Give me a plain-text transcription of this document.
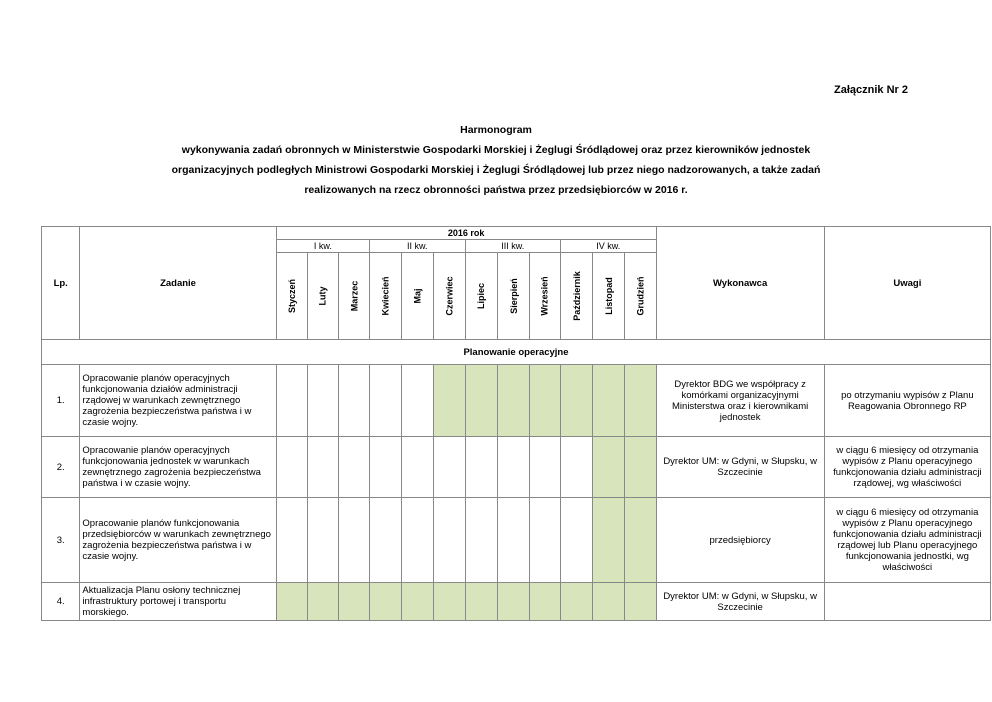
Załącznik Nr 2
Harmonogram
wykonywania zadań obronnych w Ministerstwie Gospodarki Morskiej i Żeglugi Śródlądowej oraz przez kierowników jednostek
organizacyjnych podległych Ministrowi Gospodarki Morskiej i Żeglugi Śródlądowej lub przez niego nadzorowanych, a także zadań
realizowanych na rzecz obronności państwa przez przedsiębiorców w 2016 r.
Lp.	Zadanie	2016 rok												Wykonawca	Uwagi
		I kw.			II kw.			III kw.			IV kw.				

		Styczeń	Luty	Marzec	Kwiecień	Maj	Czerwiec	Lipiec	Sierpień	Wrzesień	Październik	Listopad	Grudzień		

Planowanie operacyjne															
1.	Opracowanie planów operacyjnych funkcjonowania działów administracji rządowej w warunkach zewnętrznego zagrożenia bezpieczeństwa państwa i w czasie wojny.													Dyrektor BDG we współpracy z komórkami organizacyjnymi Ministerstwa oraz i kierownikami jednostek	po otrzymaniu wypisów z Planu Reagowania Obronnego RP
2.	Opracowanie planów operacyjnych funkcjonowania jednostek w warunkach zewnętrznego zagrożenia bezpieczeństwa państwa i w czasie wojny.													Dyrektor UM: w Gdyni, w Słupsku, w Szczecinie	w ciągu 6 miesięcy od otrzymania wypisów z Planu operacyjnego funkcjonowania działu administracji rządowej, wg właściwości
3.	Opracowanie planów funkcjonowania przedsiębiorców w warunkach zewnętrznego zagrożenia bezpieczeństwa państwa i w czasie wojny.													przedsiębiorcy	w ciągu 6 miesięcy od otrzymania wypisów z Planu operacyjnego funkcjonowania działu administracji rządowej lub Planu operacyjnego funkcjonowania jednostki, wg właściwości
4.	Aktualizacja Planu osłony technicznej infrastruktury portowej i transportu morskiego.													Dyrektor UM: w Gdyni, w Słupsku, w Szczecinie	
